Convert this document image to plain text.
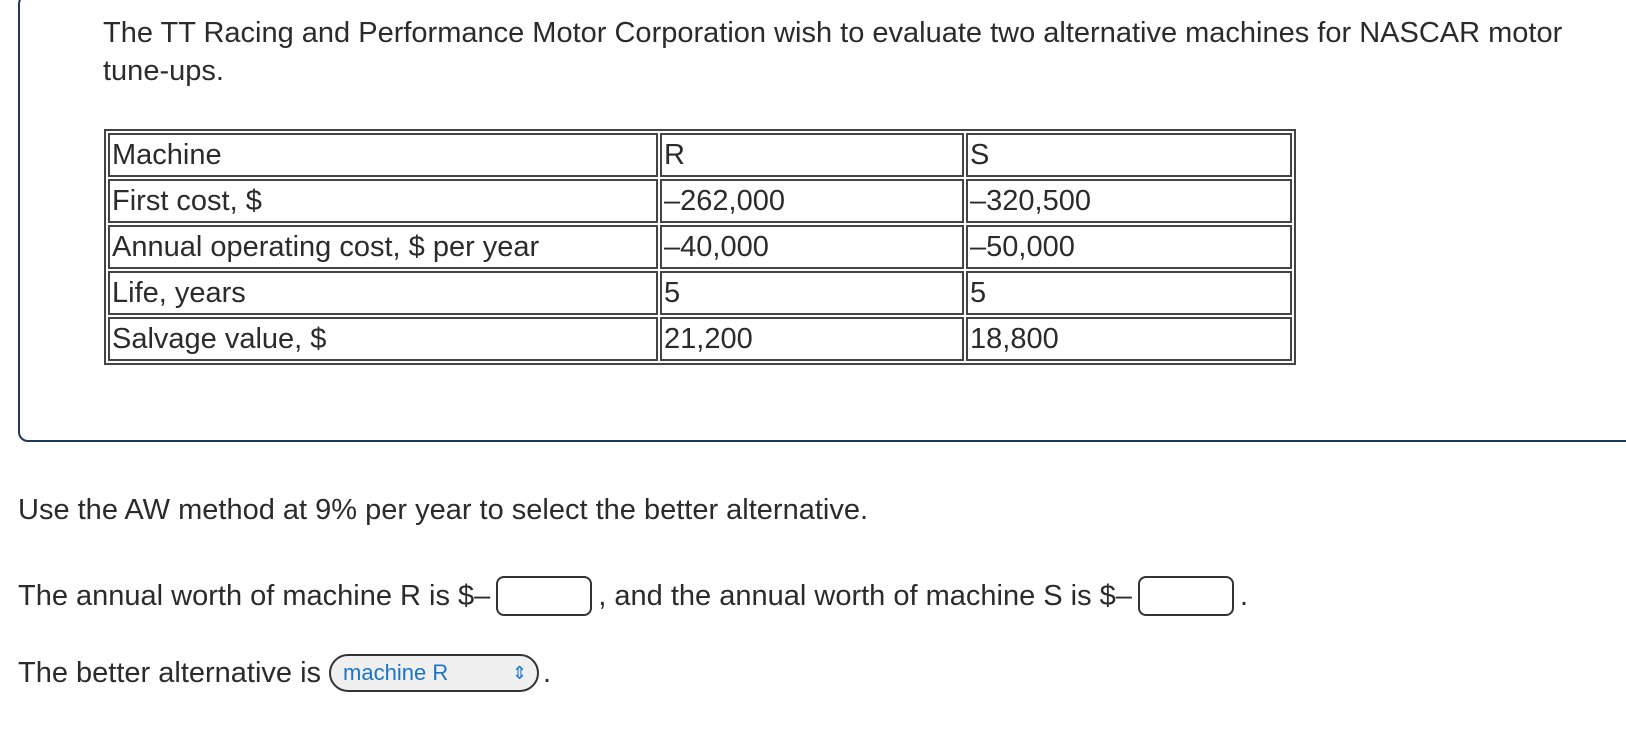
The TT Racing and Performance Motor Corporation wish to evaluate two alternative machines for NASCAR motor tune-ups.
Machine	R	S
First cost, $	–262,000	–320,500
Annual operating cost, $ per year	–40,000	–50,000
Life, years	5	5
Salvage value, $	21,200	18,800
Use the AW method at 9% per year to select the better alternative.
The annual worth of machine R is $–	, and the annual worth of machine S is $–	.
The better alternative is machine R	⇕ .
